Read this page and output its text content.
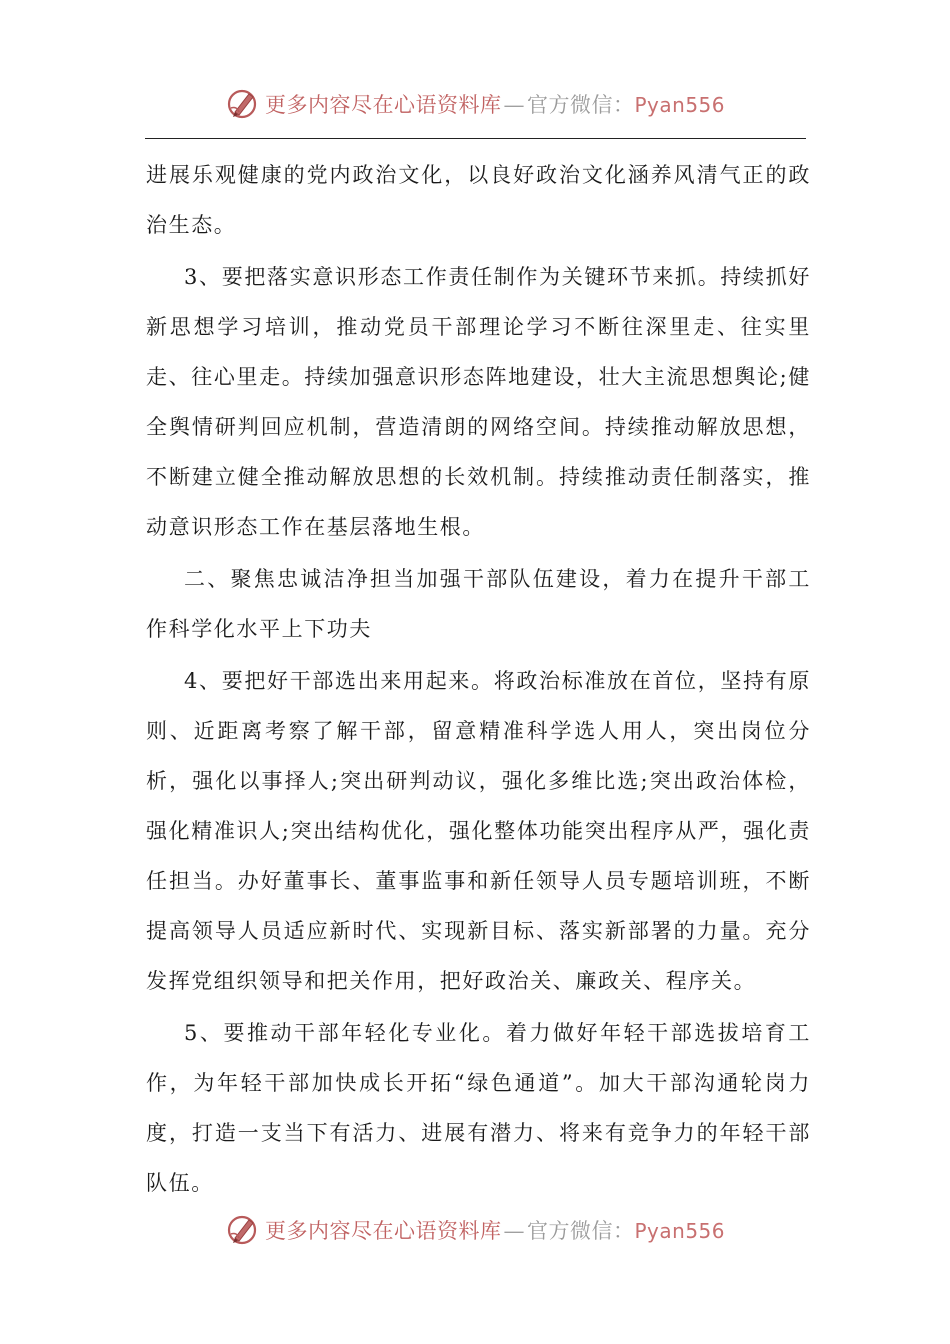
更多内容尽在心语资料库—官方微信：Pyan556

进展乐观健康的党内政治文化，以良好政治文化涵养风清气正的政治生态。

3、要把落实意识形态工作责任制作为关键环节来抓。持续抓好新思想学习培训，推动党员干部理论学习不断往深里走、往实里走、往心里走。持续加强意识形态阵地建设，壮大主流思想舆论;健全舆情研判回应机制，营造清朗的网络空间。持续推动解放思想，不断建立健全推动解放思想的长效机制。持续推动责任制落实，推动意识形态工作在基层落地生根。

二、聚焦忠诚洁净担当加强干部队伍建设，着力在提升干部工作科学化水平上下功夫

4、要把好干部选出来用起来。将政治标准放在首位，坚持有原则、近距离考察了解干部，留意精准科学选人用人，突出岗位分析，强化以事择人;突出研判动议，强化多维比选;突出政治体检，强化精准识人;突出结构优化，强化整体功能突出程序从严，强化责任担当。办好董事长、董事监事和新任领导人员专题培训班，不断提高领导人员适应新时代、实现新目标、落实新部署的力量。充分发挥党组织领导和把关作用，把好政治关、廉政关、程序关。

5、要推动干部年轻化专业化。着力做好年轻干部选拔培育工作，为年轻干部加快成长开拓“绿色通道”。加大干部沟通轮岗力度，打造一支当下有活力、进展有潜力、将来有竞争力的年轻干部队伍。

更多内容尽在心语资料库—官方微信：Pyan556
